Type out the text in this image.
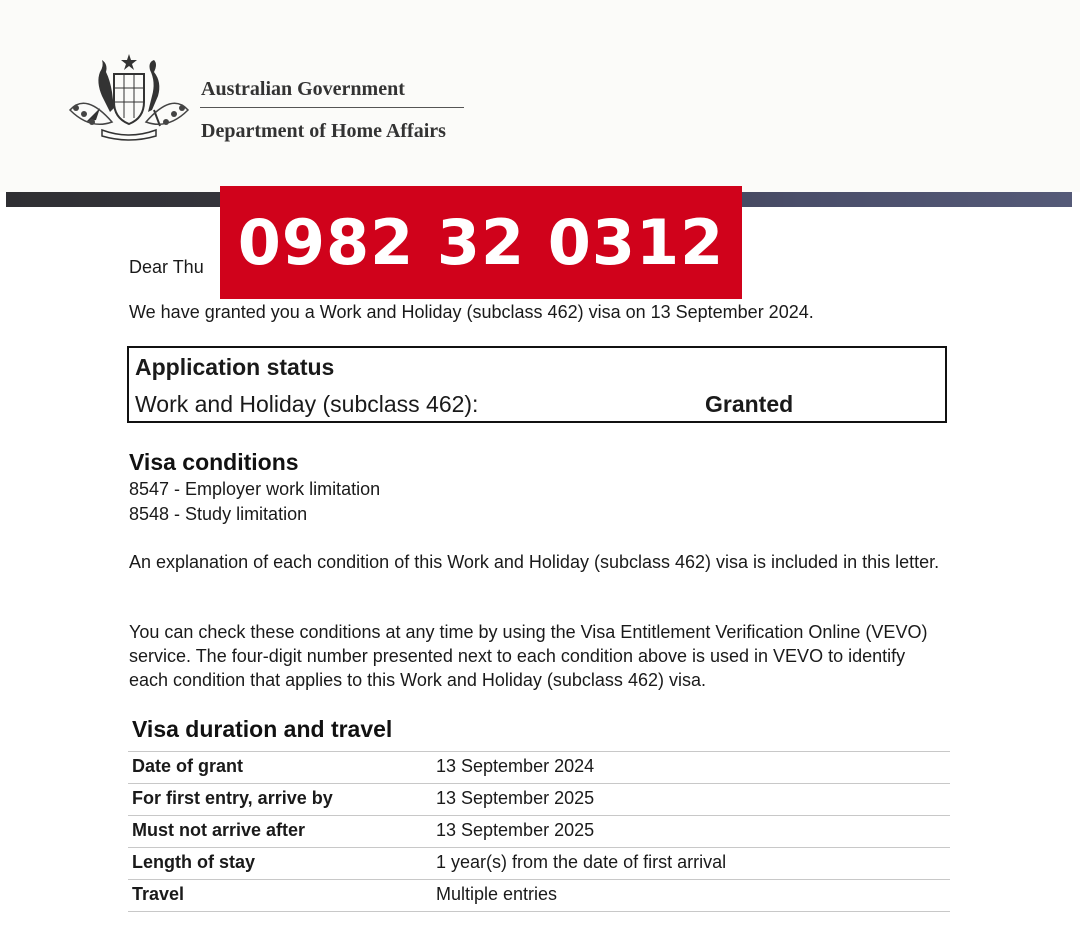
Australian Government
Department of Home Affairs
Dear Thu
We have granted you a Work and Holiday (subclass 462) visa on 13 September 2024.
0982 32 0312
Application status
Work and Holiday (subclass 462):	Granted
Visa conditions
8547 - Employer work limitation
8548 - Study limitation
An explanation of each condition of this Work and Holiday (subclass 462) visa is included in this letter.
You can check these conditions at any time by using the Visa Entitlement Verification Online (VEVO) service. The four-digit number presented next to each condition above is used in VEVO to identify each condition that applies to this Work and Holiday (subclass 462) visa.
Visa duration and travel
Date of grant	13 September 2024
For first entry, arrive by	13 September 2025
Must not arrive after	13 September 2025
Length of stay	1 year(s) from the date of first arrival
Travel	Multiple entries
